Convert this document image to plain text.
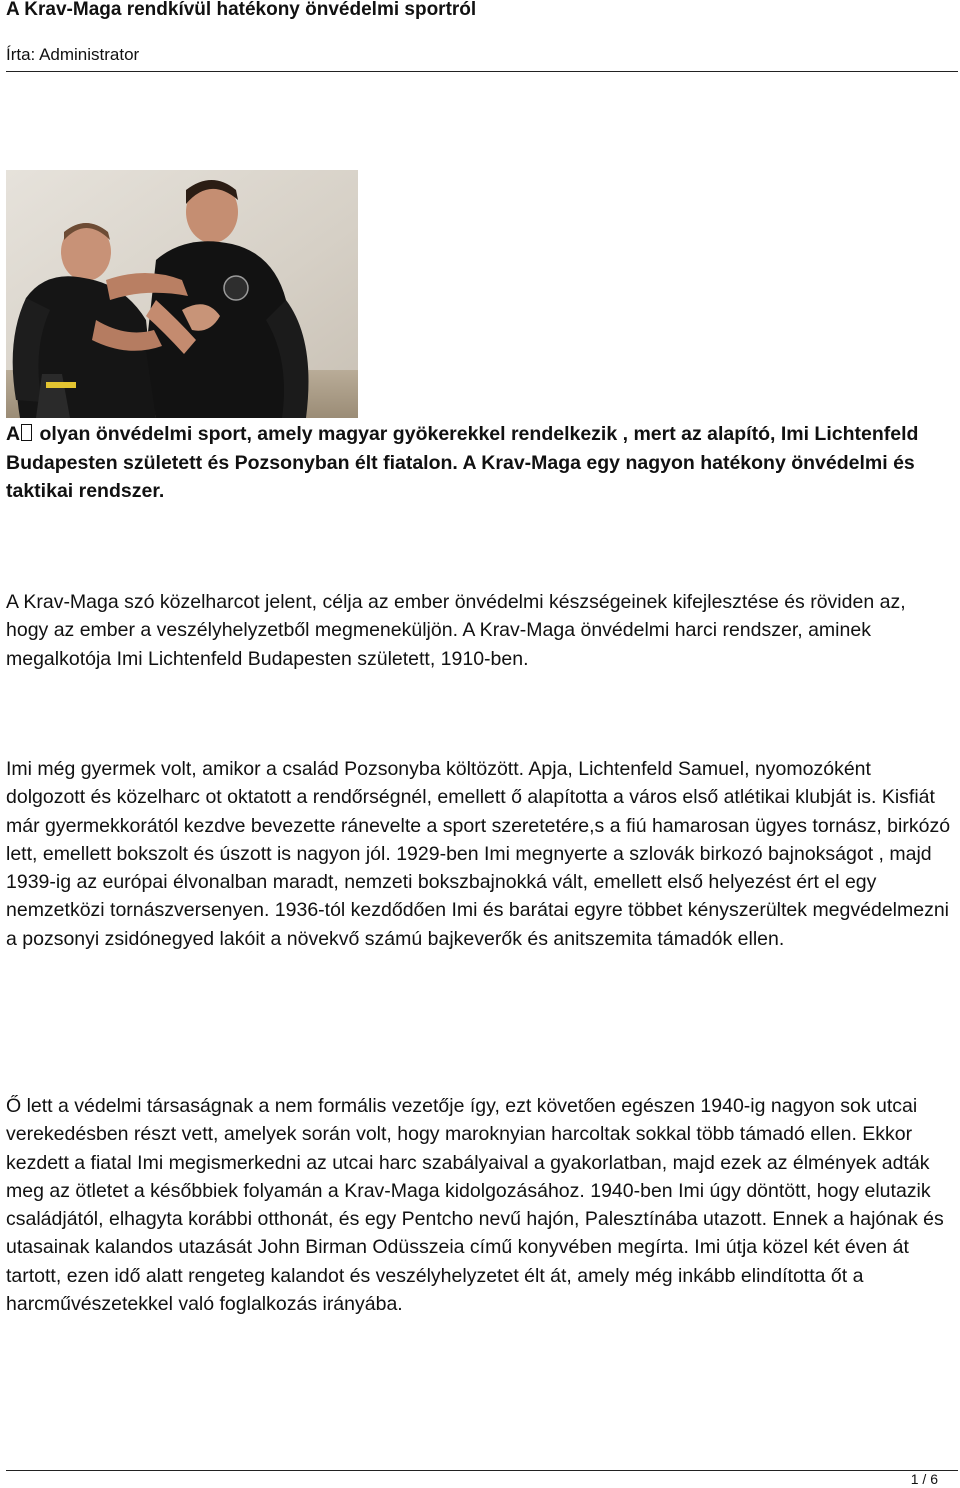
A Krav-Maga rendkívül hatékony önvédelmi sportról
Írta: Administrator
A olyan önvédelmi sport, amely magyar gyökerekkel rendelkezik , mert az alapító, Imi Lichtenfeld Budapesten született és Pozsonyban élt fiatalon. A Krav-Maga egy nagyon hatékony önvédelmi és taktikai rendszer.
A Krav-Maga szó közelharcot jelent, célja az ember önvédelmi készségeinek kifejlesztése és röviden az, hogy az ember a veszélyhelyzetből megmeneküljön. A Krav-Maga önvédelmi harci rendszer, aminek megalkotója Imi Lichtenfeld Budapesten született, 1910-ben.
Imi még gyermek volt, amikor a család Pozsonyba költözött. Apja, Lichtenfeld Samuel, nyomozóként dolgozott és közelharc ot oktatott a rendőrségnél, emellett ő alapította a város első atlétikai klubját is. Kisfiát már gyermekkorától kezdve bevezette ránevelte a sport szeretetére,s a fiú hamarosan ügyes tornász, birkózó lett, emellett bokszolt és úszott is nagyon jól. 1929-ben Imi megnyerte a szlovák birkozó bajnokságot , majd 1939-ig az európai élvonalban maradt, nemzeti bokszbajnokká vált, emellett első helyezést ért el egy nemzetközi tornászversenyen. 1936-tól kezdődően Imi és barátai egyre többet kényszerültek megvédelmezni a pozsonyi zsidónegyed lakóit a növekvő számú bajkeverők és anitszemita támadók ellen.
Ő lett a védelmi társaságnak a nem formális vezetője így, ezt követően egészen 1940-ig nagyon sok utcai verekedésben részt vett, amelyek során volt, hogy maroknyian harcoltak sokkal több támadó ellen. Ekkor kezdett a fiatal Imi megismerkedni az utcai harc szabályaival a gyakorlatban, majd ezek az élmények adták meg az ötletet a későbbiek folyamán a Krav-Maga kidolgozásához. 1940-ben Imi úgy döntött, hogy elutazik családjától, elhagyta korábbi otthonát, és egy Pentcho nevű hajón, Palesztínába utazott. Ennek a hajónak és utasainak kalandos utazását John Birman Odüsszeia című konyvében megírta. Imi útja közel két éven át tartott, ezen idő alatt rengeteg kalandot és veszélyhelyzetet élt át, amely még inkább elindította őt a harcművészetekkel való foglalkozás irányába.
1 / 6
